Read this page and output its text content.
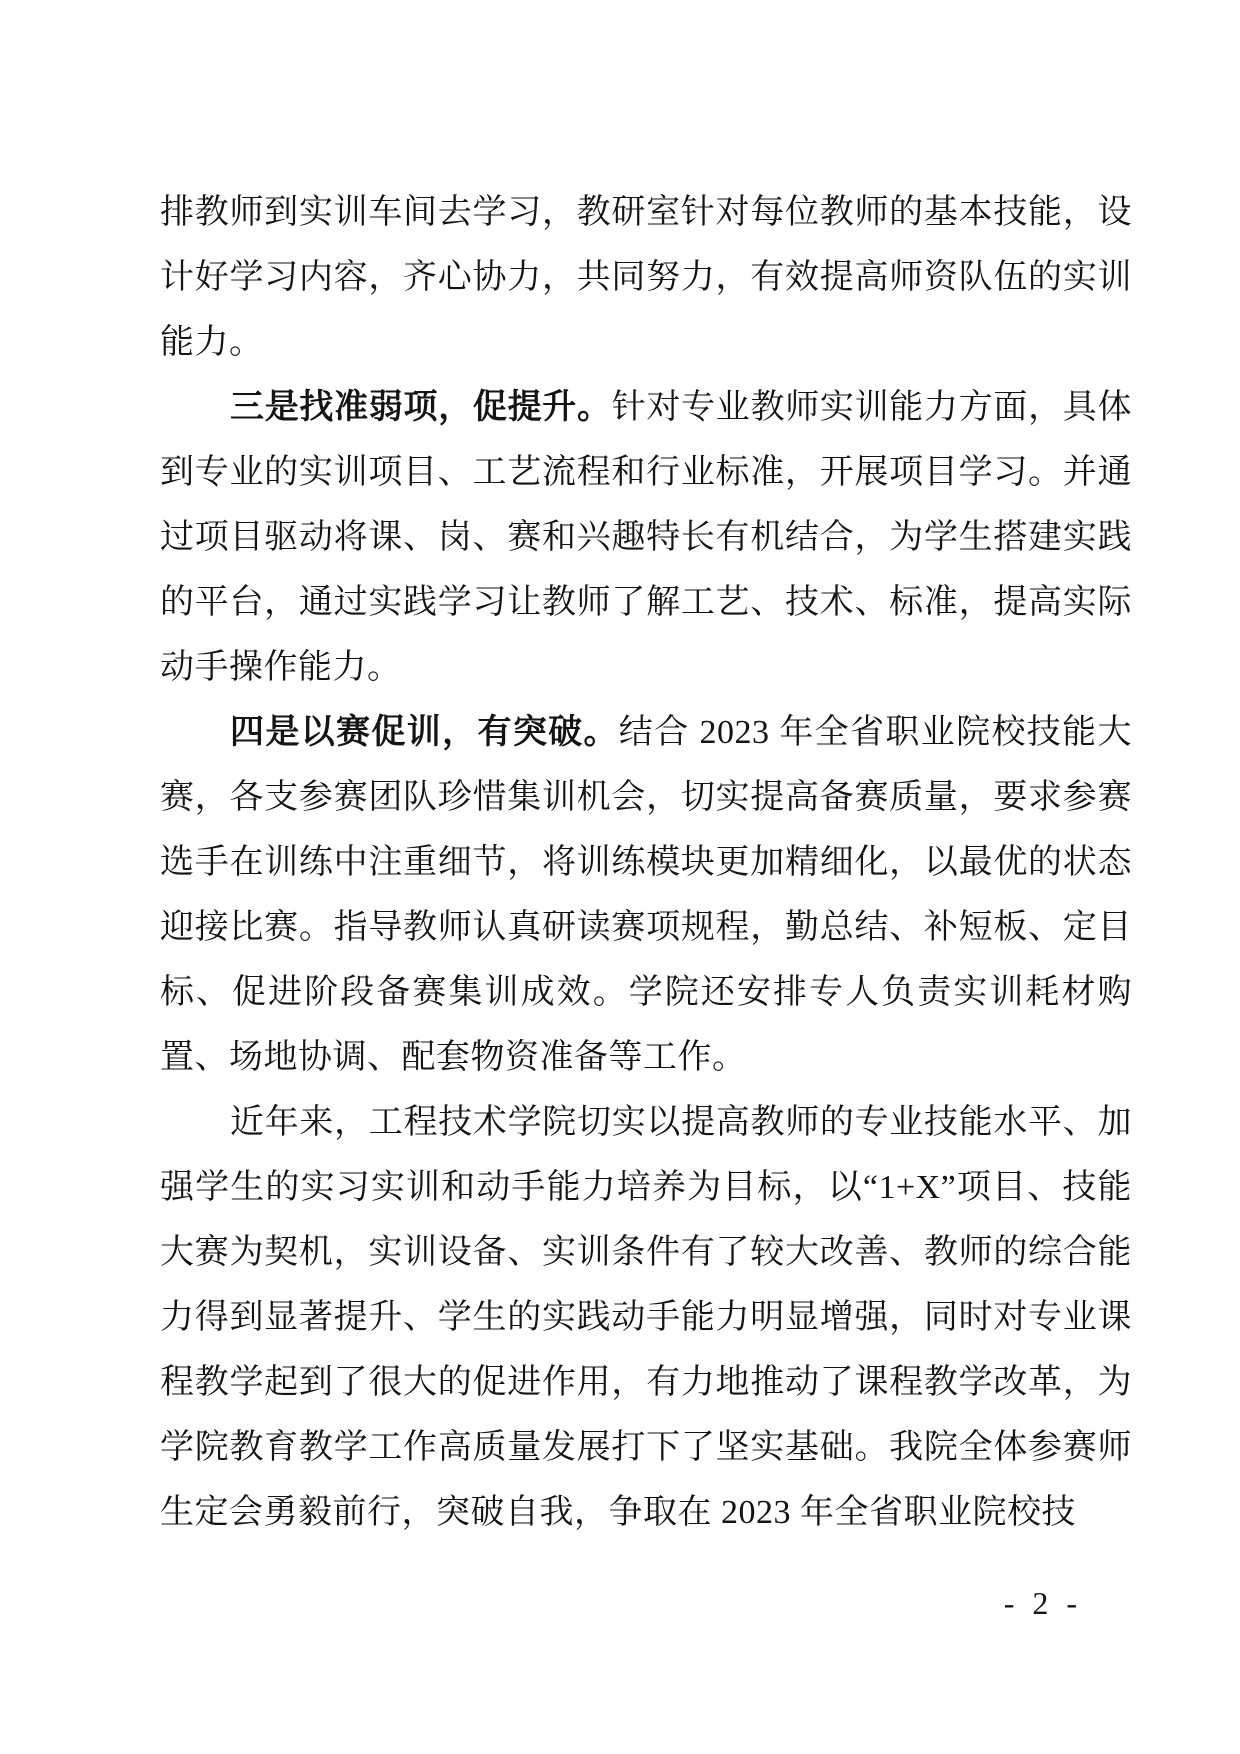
排教师到实训车间去学习，教研室针对每位教师的基本技能，设计好学习内容，齐心协力，共同努力，有效提高师资队伍的实训能力。

三是找准弱项，促提升。针对专业教师实训能力方面，具体到专业的实训项目、工艺流程和行业标准，开展项目学习。并通过项目驱动将课、岗、赛和兴趣特长有机结合，为学生搭建实践的平台，通过实践学习让教师了解工艺、技术、标准，提高实际动手操作能力。

四是以赛促训，有突破。结合 2023 年全省职业院校技能大赛，各支参赛团队珍惜集训机会，切实提高备赛质量，要求参赛选手在训练中注重细节，将训练模块更加精细化，以最优的状态迎接比赛。指导教师认真研读赛项规程，勤总结、补短板、定目标、促进阶段备赛集训成效。学院还安排专人负责实训耗材购置、场地协调、配套物资准备等工作。

近年来，工程技术学院切实以提高教师的专业技能水平、加强学生的实习实训和动手能力培养为目标，以“1+X”项目、技能大赛为契机，实训设备、实训条件有了较大改善、教师的综合能力得到显著提升、学生的实践动手能力明显增强，同时对专业课程教学起到了很大的促进作用，有力地推动了课程教学改革，为学院教育教学工作高质量发展打下了坚实基础。我院全体参赛师生定会勇毅前行，突破自我，争取在 2023 年全省职业院校技

- 2 -
